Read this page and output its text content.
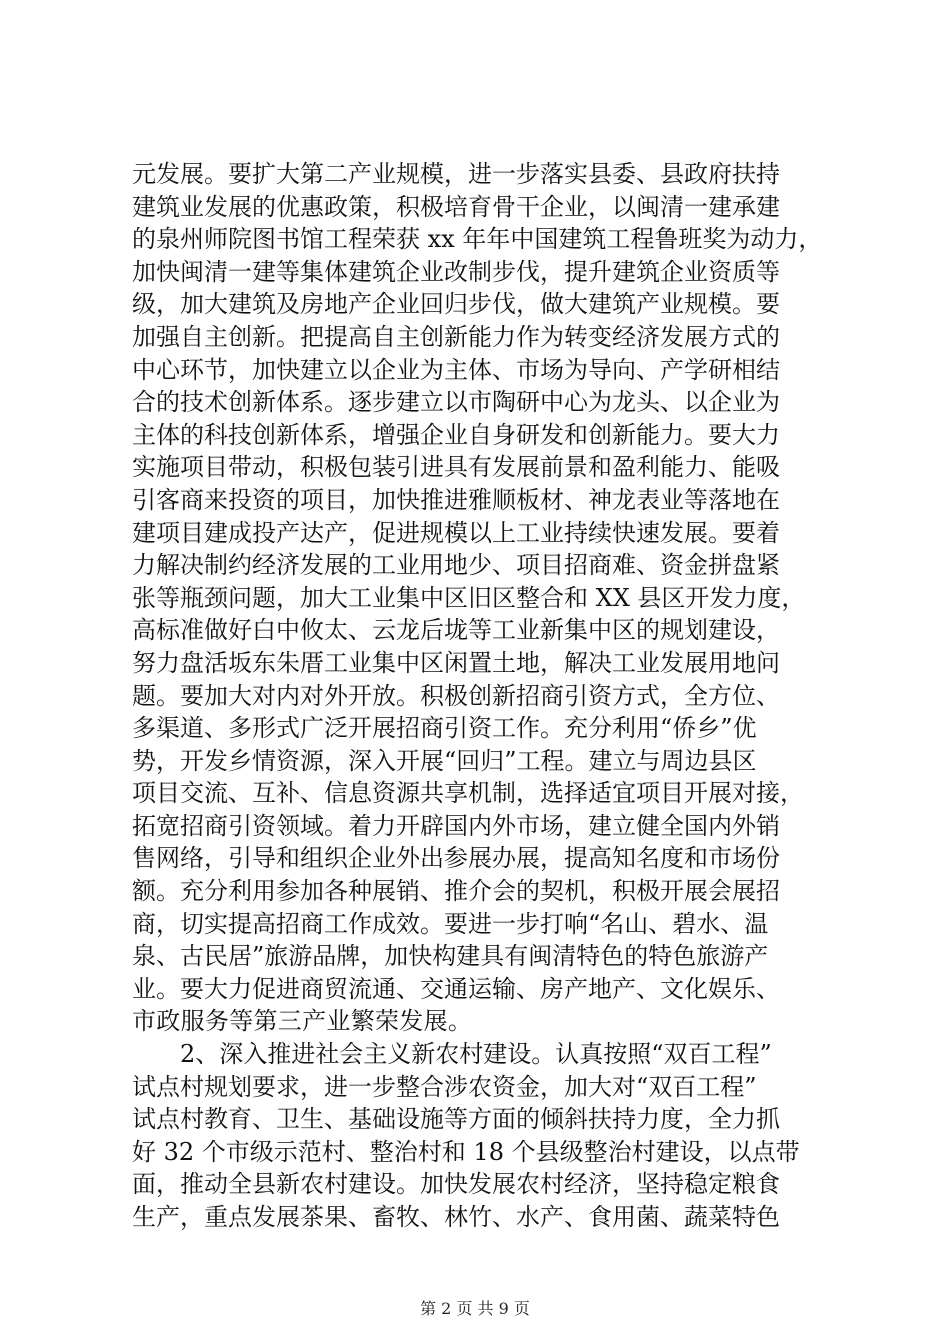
元发展。要扩大第二产业规模，进一步落实县委、县政府扶持
建筑业发展的优惠政策，积极培育骨干企业，以闽清一建承建
的泉州师院图书馆工程荣获 xx 年年中国建筑工程鲁班奖为动力，
加快闽清一建等集体建筑企业改制步伐，提升建筑企业资质等
级，加大建筑及房地产企业回归步伐，做大建筑产业规模。要
加强自主创新。把提高自主创新能力作为转变经济发展方式的
中心环节，加快建立以企业为主体、市场为导向、产学研相结
合的技术创新体系。逐步建立以市陶研中心为龙头、以企业为
主体的科技创新体系，增强企业自身研发和创新能力。要大力
实施项目带动，积极包装引进具有发展前景和盈利能力、能吸
引客商来投资的项目，加快推进雅顺板材、神龙表业等落地在
建项目建成投产达产，促进规模以上工业持续快速发展。要着
力解决制约经济发展的工业用地少、项目招商难、资金拼盘紧
张等瓶颈问题，加大工业集中区旧区整合和 XX 县区开发力度，
高标准做好白中攸太、云龙后垅等工业新集中区的规划建设，
努力盘活坂东朱厝工业集中区闲置土地，解决工业发展用地问
题。要加大对内对外开放。积极创新招商引资方式，全方位、
多渠道、多形式广泛开展招商引资工作。充分利用“侨乡”优
势，开发乡情资源，深入开展“回归”工程。建立与周边县区
项目交流、互补、信息资源共享机制，选择适宜项目开展对接，
拓宽招商引资领域。着力开辟国内外市场，建立健全国内外销
售网络，引导和组织企业外出参展办展，提高知名度和市场份
额。充分利用参加各种展销、推介会的契机，积极开展会展招
商，切实提高招商工作成效。要进一步打响“名山、碧水、温
泉、古民居”旅游品牌，加快构建具有闽清特色的特色旅游产
业。要大力促进商贸流通、交通运输、房产地产、文化娱乐、
市政服务等第三产业繁荣发展。
　　2、深入推进社会主义新农村建设。认真按照“双百工程”
试点村规划要求，进一步整合涉农资金，加大对“双百工程”
试点村教育、卫生、基础设施等方面的倾斜扶持力度，全力抓
好 32 个市级示范村、整治村和 18 个县级整治村建设，以点带
面，推动全县新农村建设。加快发展农村经济，坚持稳定粮食
生产，重点发展茶果、畜牧、林竹、水产、食用菌、蔬菜特色
第 2 页 共 9 页
